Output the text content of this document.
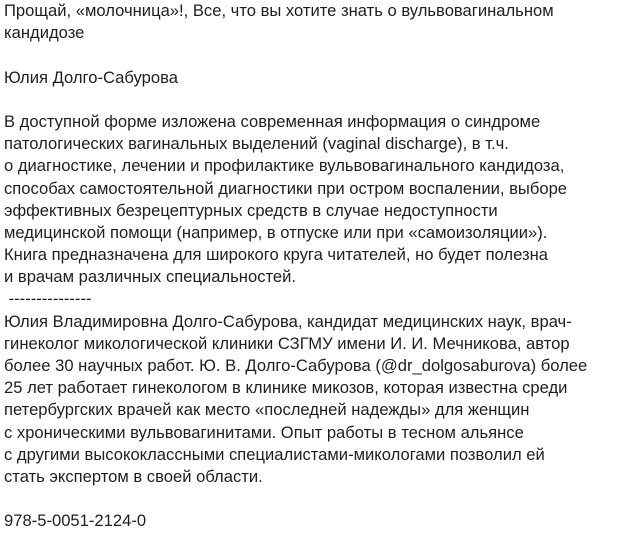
Прощай, «молочница»!, Все, что вы хотите знать о вульвовагинальном
кандидозе
Юлия Долго-Сабурова
В доступной форме изложена современная информация о синдроме
патологических вагинальных выделений (vaginal discharge), в т.ч.
о диагностике, лечении и профилактике вульвовагинального кандидоза,
способах самостоятельной диагностики при остром воспалении, выборе
эффективных безрецептурных средств в случае недоступности
медицинской помощи (например, в отпуске или при «самоизоляции»).
Книга предназначена для широкого круга читателей, но будет полезна
и врачам различных специальностей.
---------------
Юлия Владимировна Долго-Сабурова, кандидат медицинских наук, врач-
гинеколог микологической клиники СЗГМУ имени И. И. Мечникова, автор
более 30 научных работ. Ю. В. Долго-Сабурова (@dr_dolgosaburova) более
25 лет работает гинекологом в клинике микозов, которая известна среди
петербургских врачей как место «последней надежды» для женщин
с хроническими вульвовагинитами. Опыт работы в тесном альянсе
с другими высококлассными специалистами-микологами позволил ей
стать экспертом в своей области.
978-5-0051-2124-0
